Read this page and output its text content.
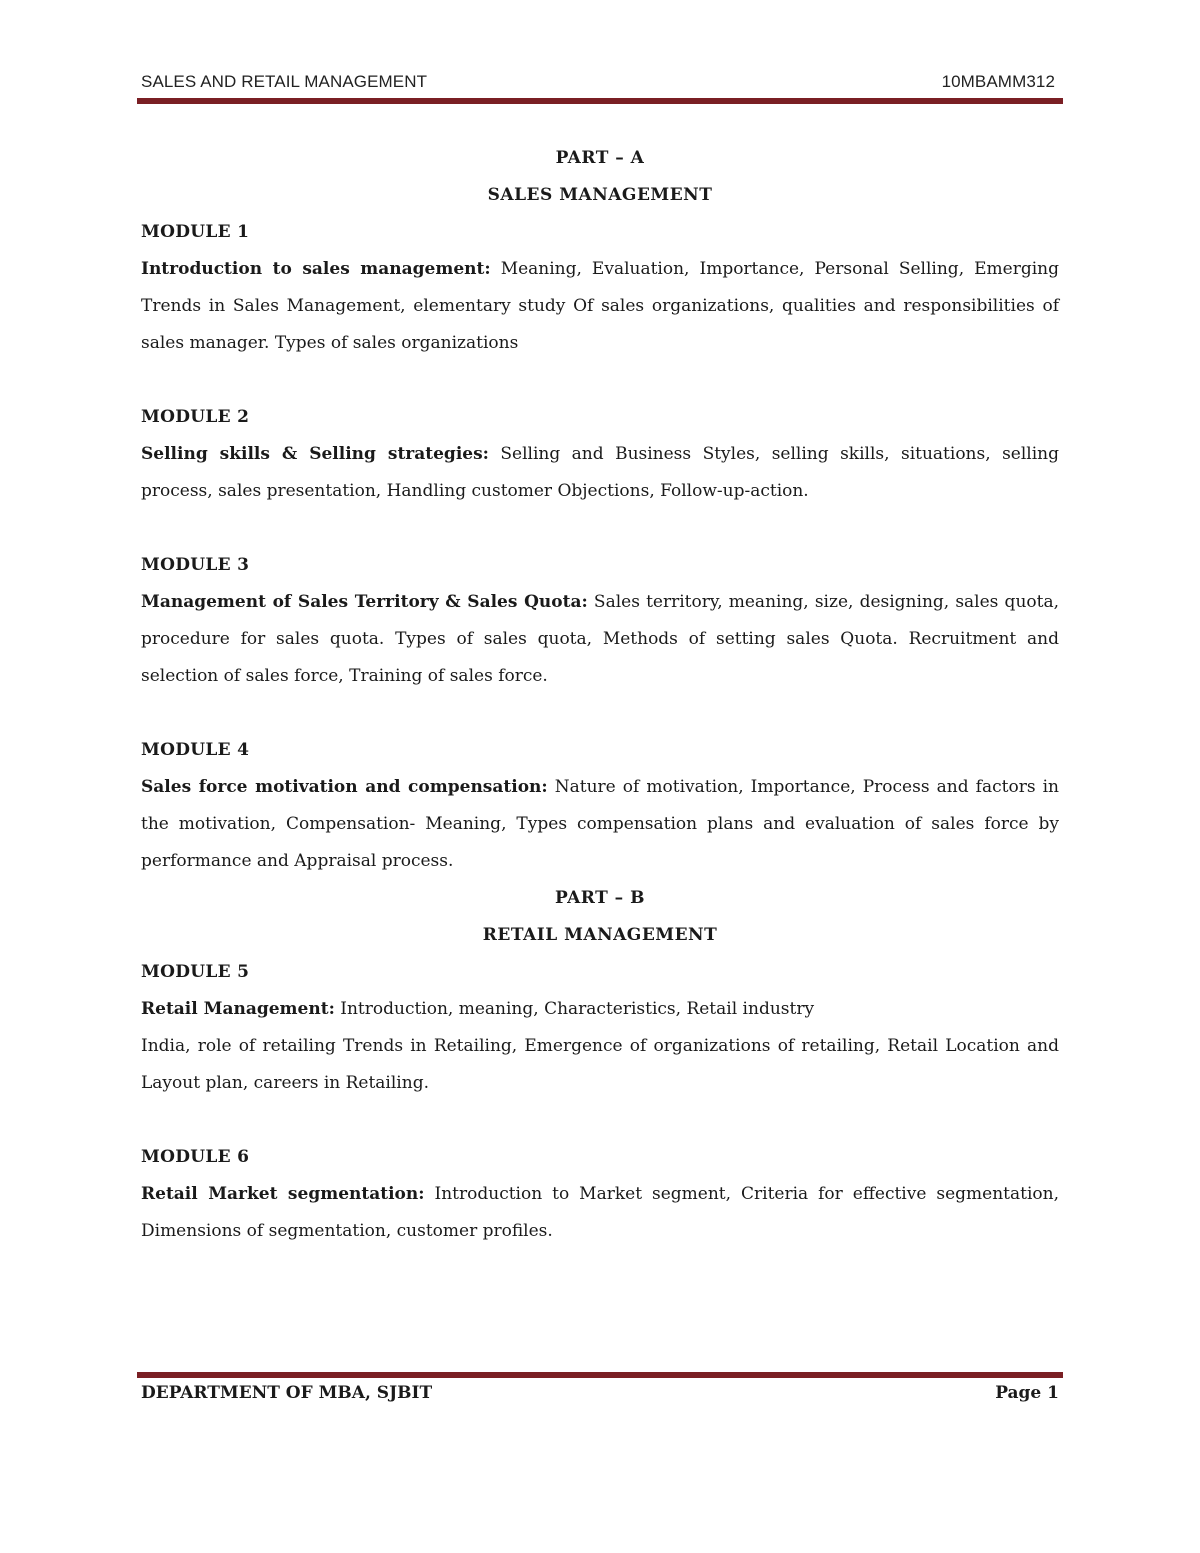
SALES AND RETAIL MANAGEMENT	10MBAMM312
PART – A
SALES MANAGEMENT
MODULE 1
Introduction to sales management: Meaning, Evaluation, Importance, Personal Selling, Emerging Trends in Sales Management, elementary study Of sales organizations, qualities and responsibilities of sales manager. Types of sales organizations
MODULE 2
Selling skills & Selling strategies: Selling and Business Styles, selling skills, situations, selling process, sales presentation, Handling customer Objections, Follow-up-action.
MODULE 3
Management of Sales Territory & Sales Quota: Sales territory, meaning, size, designing, sales quota, procedure for sales quota. Types of sales quota, Methods of setting sales Quota. Recruitment and selection of sales force, Training of sales force.
MODULE 4
Sales force motivation and compensation: Nature of motivation, Importance, Process and factors in the motivation, Compensation- Meaning, Types compensation plans and evaluation of sales force by performance and Appraisal process.
PART – B
RETAIL MANAGEMENT
MODULE 5
Retail Management: Introduction, meaning, Characteristics, Retail industry
India, role of retailing Trends in Retailing, Emergence of organizations of retailing, Retail Location and Layout plan, careers in Retailing.
MODULE 6
Retail Market segmentation: Introduction to Market segment, Criteria for effective segmentation, Dimensions of segmentation, customer profiles.
DEPARTMENT OF MBA, SJBIT	Page 1
